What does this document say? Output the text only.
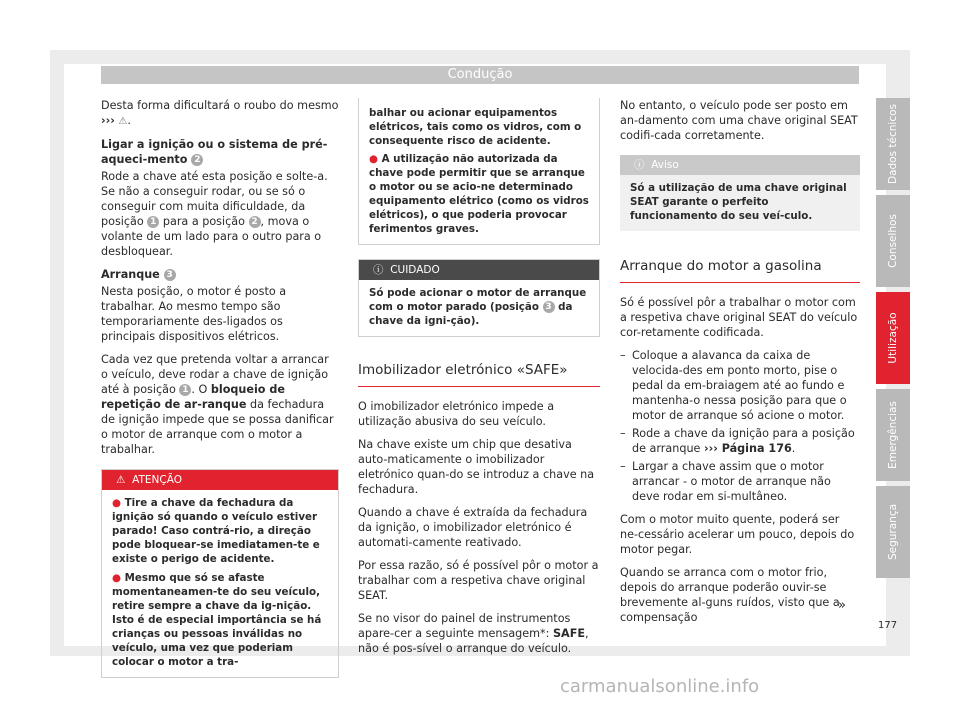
Condução

Desta forma dificultará o roubo do mesmo ››› ⚠.

Ligar a ignição ou o sistema de pré-aqueci-mento 2

Rode a chave até esta posição e solte-a. Se não a conseguir rodar, ou se só o conseguir com muita dificuldade, da posição 1 para a posição 2 , mova o volante de um lado para o outro para o desbloquear.

Arranque 3

Nesta posição, o motor é posto a trabalhar. Ao mesmo tempo são temporariamente des-ligados os principais dispositivos elétricos.

Cada vez que pretenda voltar a arrancar o veículo, deve rodar a chave de ignição até à posição 1 . O bloqueio de repetição de ar-ranque da fechadura de ignição impede que se possa danificar o motor de arranque com o motor a trabalhar.

⚠ ATENÇÃO
● Tire a chave da fechadura da ignição só quando o veículo estiver parado! Caso contrá-rio, a direção pode bloquear-se imediatamen-te e existe o perigo de acidente.
● Mesmo que só se afaste momentaneamen-te do seu veículo, retire sempre a chave da ig-nição. Isto é de especial importância se há crianças ou pessoas inválidas no veículo, uma vez que poderiam colocar o motor a tra-
balhar ou acionar equipamentos elétricos, tais como os vidros, com o consequente risco de acidente.
● A utilização não autorizada da chave pode permitir que se arranque o motor ou se acio-ne determinado equipamento elétrico (como os vidros elétricos), o que poderia provocar ferimentos graves.
ⓘ CUIDADO
Só pode acionar o motor de arranque com o motor parado (posição 3 da chave da igni-ção).
Imobilizador eletrónico «SAFE»

O imobilizador eletrónico impede a utilização abusiva do seu veículo.

Na chave existe um chip que desativa auto-maticamente o imobilizador eletrónico quan-do se introduz a chave na fechadura.

Quando a chave é extraída da fechadura da ignição, o imobilizador eletrónico é automati-camente reativado.

Por essa razão, só é possível pôr o motor a trabalhar com a respetiva chave original SEAT.

Se no visor do painel de instrumentos apare-cer a seguinte mensagem*: SAFE, não é pos-sível o arranque do veículo.

No entanto, o veículo pode ser posto em an-damento com uma chave original SEAT codifi-cada corretamente.

ⓘ Aviso
Só a utilização de uma chave original SEAT garante o perfeito funcionamento do seu veí-culo.
Arranque do motor a gasolina

Só é possível pôr a trabalhar o motor com a respetiva chave original SEAT do veículo cor-retamente codificada.

– Coloque a alavanca da caixa de velocida-des em ponto morto, pise o pedal da em-braiagem até ao fundo e mantenha-o nessa posição para que o motor de arranque só acione o motor.
– Rode a chave da ignição para a posição de arranque ››› Página 176.
– Largar a chave assim que o motor arrancar - o motor de arranque não deve rodar em si-multâneo.

Com o motor muito quente, poderá ser ne-cessário acelerar um pouco, depois do motor pegar.

Quando se arranca com o motor frio, depois do arranque poderão ouvir-se brevemente al-guns ruídos, visto que a compensação

»
Dados técnicos
Conselhos
Utilização
Emergências
Segurança
177
carmanualsonline.info
